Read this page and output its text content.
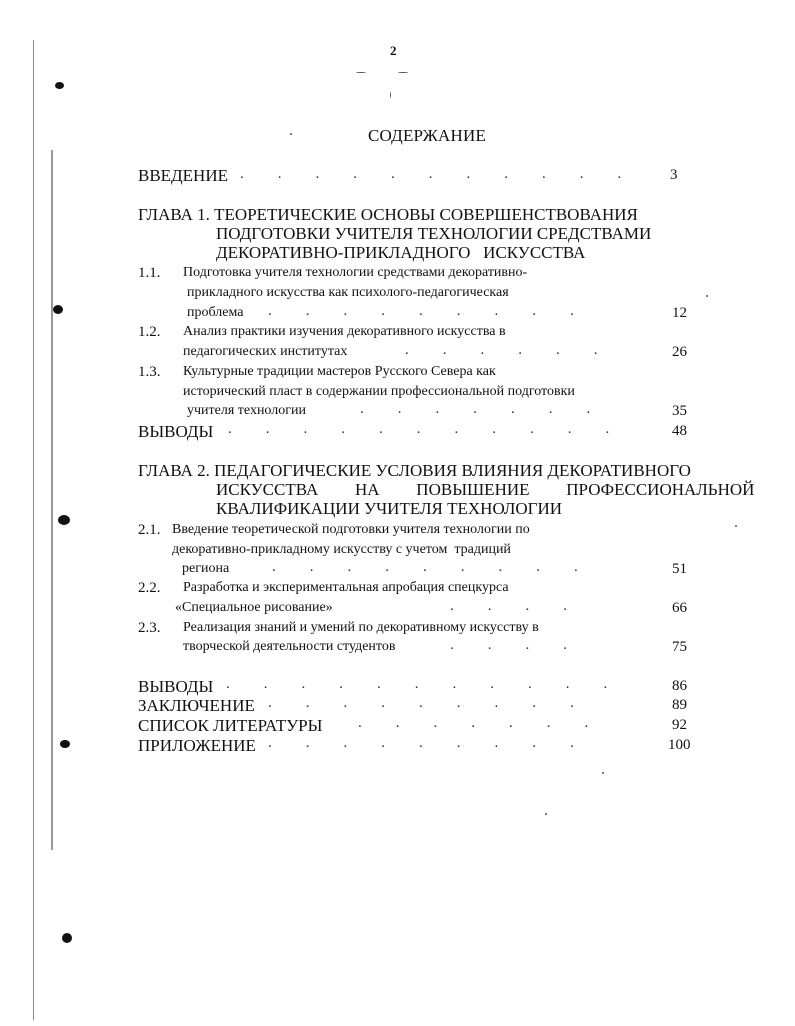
2
СОДЕРЖАНИЕ
ВВЕДЕНИЕ ........... 3
ГЛАВА 1. ТЕОРЕТИЧЕСКИЕ ОСНОВЫ СОВЕРШЕНСТВОВАНИЯ
ПОДГОТОВКИ УЧИТЕЛЯ ТЕХНОЛОГИИ СРЕДСТВАМИ
ДЕКОРАТИВНО-ПРИКЛАДНОГО   ИСКУССТВА
1.1. Подготовка учителя технологии средствами декоративно-
прикладного искусства как психолого-педагогическая
проблема .........	12
1.2. Анализ практики изучения декоративного искусства в
педагогических институтах	......	26
1.3. Культурные традиции мастеров Русского Севера как
исторический пласт в содержании профессиональной подготовки
учителя технологии	.......	35
ВЫВОДЫ ........... 48
ГЛАВА 2. ПЕДАГОГИЧЕСКИЕ УСЛОВИЯ ВЛИЯНИЯ ДЕКОРАТИВНОГО
ИСКУССТВА   НА   ПОВЫШЕНИЕ   ПРОФЕССИОНАЛЬНОЙ
КВАЛИФИКАЦИИ УЧИТЕЛЯ ТЕХНОЛОГИИ
2.1. Введение теоретической подготовки учителя технологии по
декоративно-прикладному искусству с учетом  традиций
региона	.........	51
2.2. Разработка и экспериментальная апробация спецкурса
«Специальное рисование»	....	66
2.3. Реализация знаний и умений по декоративному искусству в
творческой деятельности студентов	....	75
ВЫВОДЫ ........... 86
ЗАКЛЮЧЕНИЕ .........	89
СПИСОК ЛИТЕРАТУРЫ .......	92
ПРИЛОЖЕНИЕ .........	100
